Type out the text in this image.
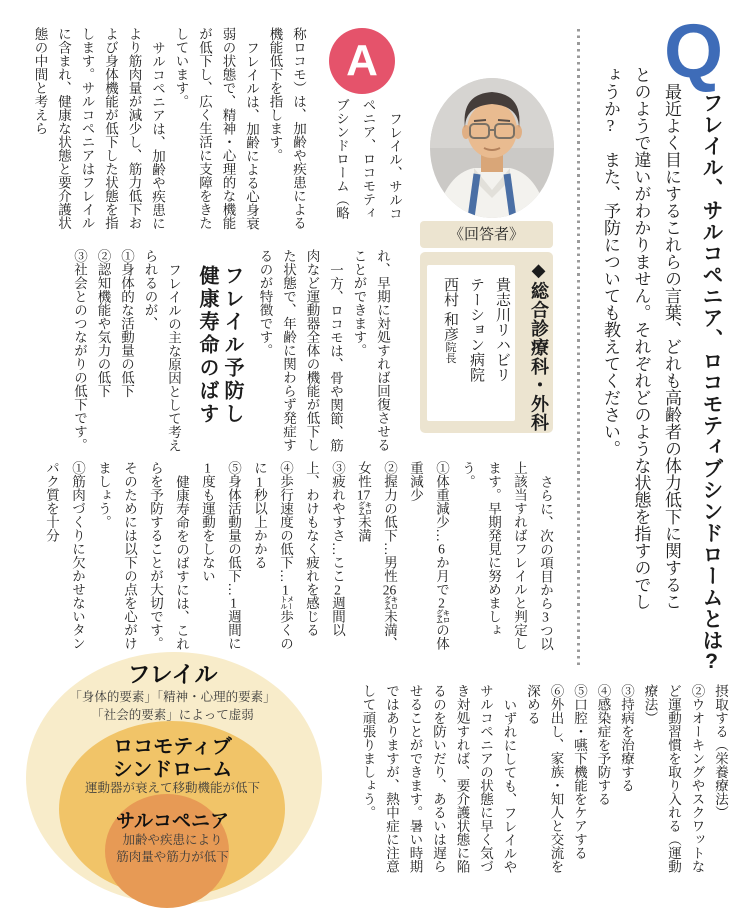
Q
フレイル、サルコペニア、ロコモティブシンドロームとは?

最近よく目にするこれらの言葉、どれも高齢者の体力低下に関することのようで違いがわかりません。それぞれどのような状態を指すのでしょうか?　また、予防についても教えてください。

A
《回答者》
◆総合診療科・外科
貴志川リハビリ
テーション病院
西村 和彦院長

フレイル、サルコペニア、ロコモティブシンドローム（略

称ロコモ）は、加齢や疾患による機能低下を指します。

フレイルは、加齢による心身衰弱の状態で、精神・心理的な機能が低下し、広く生活に支障をきたしています。

サルコペニアは、加齢や疾患により筋肉量が減少し、筋力低下および身体機能が低下した状態を指します。サルコペニアはフレイルに含まれ、健康な状態と要介護状態の中間と考えら

れ、早期に対処すれば回復させることができます。

一方、ロコモは、骨や関節、筋肉など運動器全体の機能が低下した状態で、年齢に関わらず発症するのが特徴です。

フレイル予防し
健康寿命のばす

フレイルの主な原因として考えられるのが、

①身体的な活動量の低下

②認知機能や気力の低下

③社会とのつながりの低下です。

さらに、次の項目から3つ以上該当すればフレイルと判定します。早期発見に努めましょう。

①体重減少…6か月で2㌕の体重減少

②握力の低下…男性26㌕未満、女性17㌕未満

③疲れやすさ…ここ2週間以上、わけもなく疲れを感じる

④歩行速度の低下…1㍍歩くのに1秒以上かかる

⑤身体活動量の低下…1週間に1度も運動をしない

健康寿命をのばすには、これらを予防することが大切です。そのためには以下の点を心がけましょう。

①筋肉づくりに欠かせないタンパク質を十分

摂取する（栄養療法）

②ウオーキングやスクワットなど運動習慣を取り入れる（運動療法）

③持病を治療する

④感染症を予防する

⑤口腔・嚥下機能をケアする

⑥外出し、家族・知人と交流を深める

いずれにしても、フレイルやサルコペニアの状態に早く気づき対処すれば、要介護状態に陥るのを防いだり、あるいは遅らせることができます。暑い時期ではありますが、熱中症に注意して頑張りましょう。

フレイル
「身体的要素」「精神・心理的要素」
「社会的要素」によって虚弱
ロコモティブ
シンドローム
運動器が衰えて移動機能が低下
サルコペニア
加齢や疾患により
筋肉量や筋力が低下
